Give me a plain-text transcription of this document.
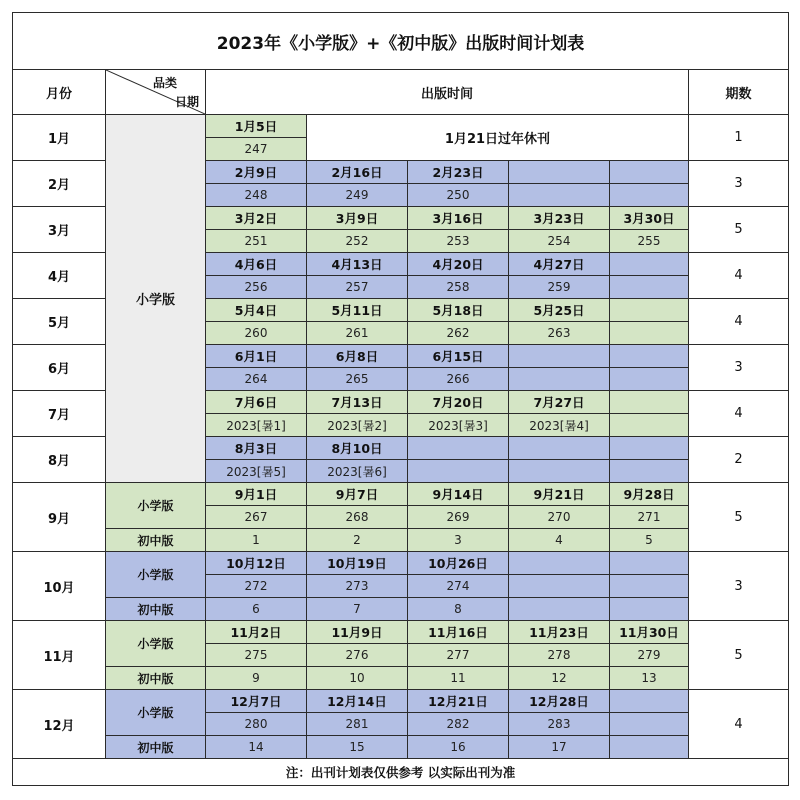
2023年《小学版》+《初中版》出版时间计划表							
月份	品类
日期	出版时间					期数
1月	小学版	1月5日	1月21日过年休刊				1
		247					
2月		2月9日	2月16日	2月23日			3
		248	249	250			
3月		3月2日	3月9日	3月16日	3月23日	3月30日	5
		251	252	253	254	255	
4月		4月6日	4月13日	4月20日	4月27日		4
		256	257	258	259		
5月		5月4日	5月11日	5月18日	5月25日		4
		260	261	262	263		
6月		6月1日	6月8日	6月15日			3
		264	265	266			
7月		7月6日	7月13日	7月20日	7月27日		4
		2023[暑1]	2023[暑2]	2023[暑3]	2023[暑4]		
8月		8月3日	8月10日				2
		2023[暑5]	2023[暑6]				
9月	小学版	9月1日	9月7日	9月14日	9月21日	9月28日	5
		267	268	269	270	271	
	初中版	1	2	3	4	5	
10月	小学版	10月12日	10月19日	10月26日			3
		272	273	274			
	初中版	6	7	8			
11月	小学版	11月2日	11月9日	11月16日	11月23日	11月30日	5
		275	276	277	278	279	
	初中版	9	10	11	12	13	
12月	小学版	12月7日	12月14日	12月21日	12月28日		4
		280	281	282	283		
	初中版	14	15	16	17		
注：出刊计划表仅供参考 以实际出刊为准							
